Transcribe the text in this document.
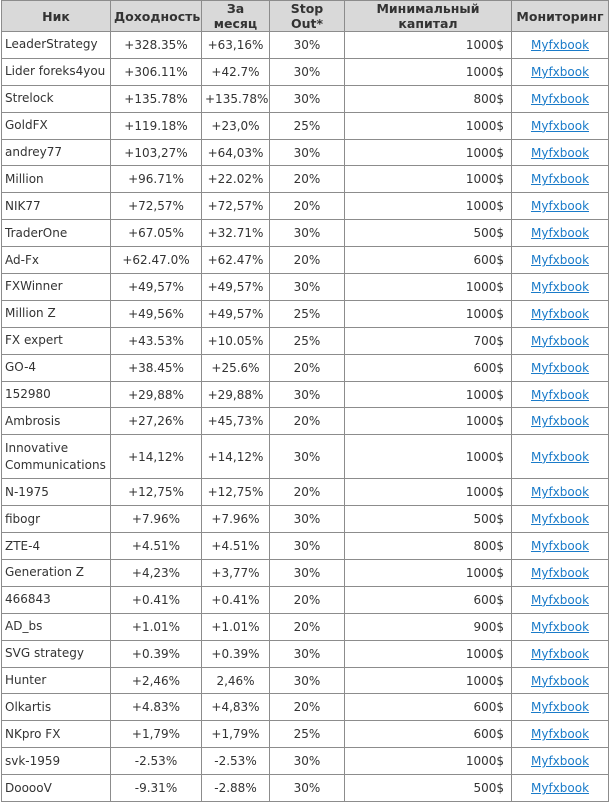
Ник	Доходность	За месяц	Stop Out*	Минимальный капитал	Мониторинг
LeaderStrategy	+328.35%	+63,16%	30%	1000$	Myfxbook
Lider foreks4you	+306.11%	+42.7%	30%	1000$	Myfxbook
Strelock	+135.78%	+135.78%	30%	800$	Myfxbook
GoldFX	+119.18%	+23,0%	25%	1000$	Myfxbook
andrey77	+103,27%	+64,03%	30%	1000$	Myfxbook
Million	+96.71%	+22.02%	20%	1000$	Myfxbook
NIK77	+72,57%	+72,57%	20%	1000$	Myfxbook
TraderOne	+67.05%	+32.71%	30%	500$	Myfxbook
Ad-Fx	+62.47.0%	+62.47%	20%	600$	Myfxbook
FXWinner	+49,57%	+49,57%	30%	1000$	Myfxbook
Million Z	+49,56%	+49,57%	25%	1000$	Myfxbook
FX expert	+43.53%	+10.05%	25%	700$	Myfxbook
GO-4	+38.45%	+25.6%	20%	600$	Myfxbook
152980	+29,88%	+29,88%	30%	1000$	Myfxbook
Ambrosis	+27,26%	+45,73%	20%	1000$	Myfxbook
Innovative Communications	+14,12%	+14,12%	30%	1000$	Myfxbook
N-1975	+12,75%	+12,75%	20%	1000$	Myfxbook
fibogr	+7.96%	+7.96%	30%	500$	Myfxbook
ZTE-4	+4.51%	+4.51%	30%	800$	Myfxbook
Generation Z	+4,23%	+3,77%	30%	1000$	Myfxbook
466843	+0.41%	+0.41%	20%	600$	Myfxbook
AD_bs	+1.01%	+1.01%	20%	900$	Myfxbook
SVG strategy	+0.39%	+0.39%	30%	1000$	Myfxbook
Hunter	+2,46%	2,46%	30%	1000$	Myfxbook
Olkartis	+4.83%	+4,83%	20%	600$	Myfxbook
NKpro FX	+1,79%	+1,79%	25%	600$	Myfxbook
svk-1959	-2.53%	-2.53%	30%	1000$	Myfxbook
DooooV	-9.31%	-2.88%	30%	500$	Myfxbook
